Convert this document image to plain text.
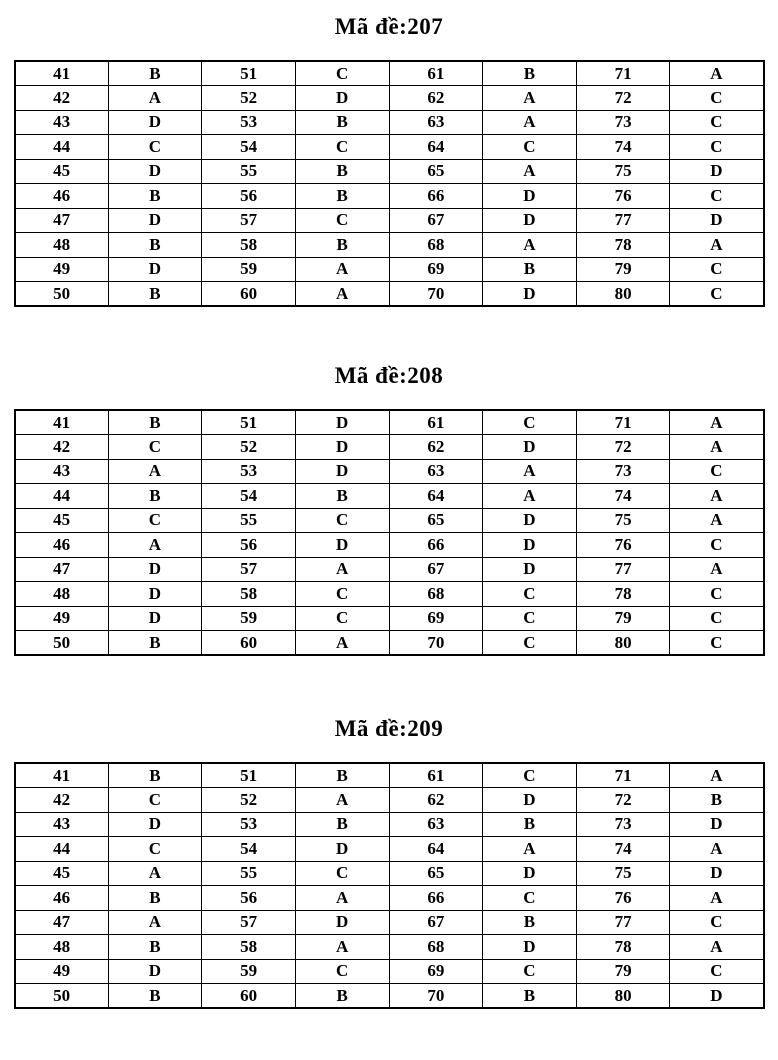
Mã đề:207
41	B	51	C	61	B	71	A
42	A	52	D	62	A	72	C
43	D	53	B	63	A	73	C
44	C	54	C	64	C	74	C
45	D	55	B	65	A	75	D
46	B	56	B	66	D	76	C
47	D	57	C	67	D	77	D
48	B	58	B	68	A	78	A
49	D	59	A	69	B	79	C
50	B	60	A	70	D	80	C
Mã đề:208
41	B	51	D	61	C	71	A
42	C	52	D	62	D	72	A
43	A	53	D	63	A	73	C
44	B	54	B	64	A	74	A
45	C	55	C	65	D	75	A
46	A	56	D	66	D	76	C
47	D	57	A	67	D	77	A
48	D	58	C	68	C	78	C
49	D	59	C	69	C	79	C
50	B	60	A	70	C	80	C
Mã đề:209
41	B	51	B	61	C	71	A
42	C	52	A	62	D	72	B
43	D	53	B	63	B	73	D
44	C	54	D	64	A	74	A
45	A	55	C	65	D	75	D
46	B	56	A	66	C	76	A
47	A	57	D	67	B	77	C
48	B	58	A	68	D	78	A
49	D	59	C	69	C	79	C
50	B	60	B	70	B	80	D
